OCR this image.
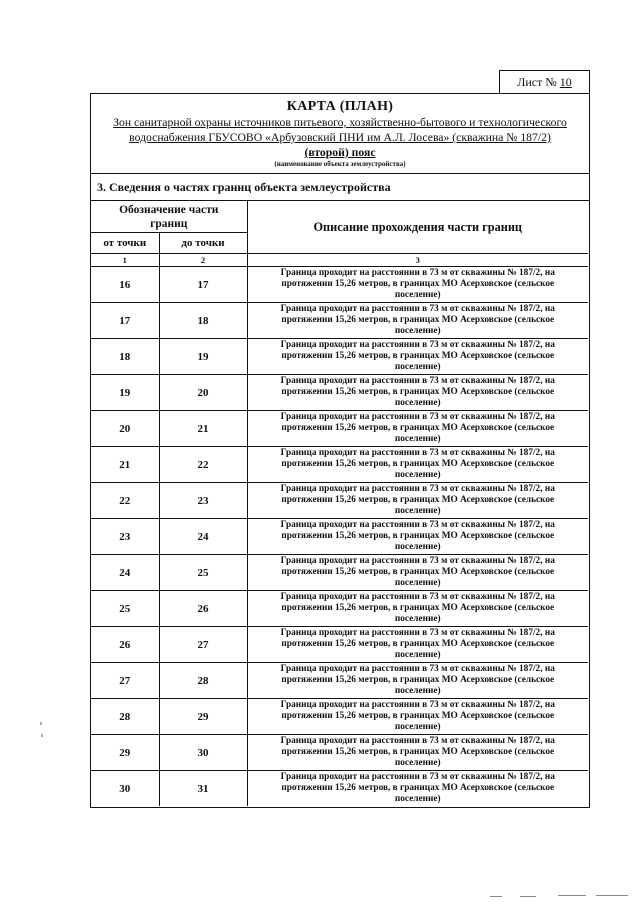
Лист № 10
КАРТА (ПЛАН)
Зон санитарной охраны источников питьевого, хозяйственно-бытового и технологического
водоснабжения ГБУСОВО «Арбузовский ПНИ им А.Л. Лосева» (скважина № 187/2)
(второй) пояс
(наименование объекта землеустройства)
3. Сведения о частях границ объекта землеустройства
Обозначение части
границ		Описание прохождения части границ
от точки	до точки	
1	2	3
16	17	Граница проходит на расстоянии в 73 м от скважины № 187/2, на
протяжении 15,26 метров, в границах МО Асерховское (сельское
поселение)

17	18	Граница проходит на расстоянии в 73 м от скважины № 187/2, на
протяжении 15,26 метров, в границах МО Асерховское (сельское
поселение)

18	19	Граница проходит на расстоянии в 73 м от скважины № 187/2, на
протяжении 15,26 метров, в границах МО Асерховское (сельское
поселение)

19	20	Граница проходит на расстоянии в 73 м от скважины № 187/2, на
протяжении 15,26 метров, в границах МО Асерховское (сельское
поселение)

20	21	Граница проходит на расстоянии в 73 м от скважины № 187/2, на
протяжении 15,26 метров, в границах МО Асерховское (сельское
поселение)

21	22	Граница проходит на расстоянии в 73 м от скважины № 187/2, на
протяжении 15,26 метров, в границах МО Асерховское (сельское
поселение)

22	23	Граница проходит на расстоянии в 73 м от скважины № 187/2, на
протяжении 15,26 метров, в границах МО Асерховское (сельское
поселение)

23	24	Граница проходит на расстоянии в 73 м от скважины № 187/2, на
протяжении 15,26 метров, в границах МО Асерховское (сельское
поселение)

24	25	Граница проходит на расстоянии в 73 м от скважины № 187/2, на
протяжении 15,26 метров, в границах МО Асерховское (сельское
поселение)

25	26	Граница проходит на расстоянии в 73 м от скважины № 187/2, на
протяжении 15,26 метров, в границах МО Асерховское (сельское
поселение)

26	27	Граница проходит на расстоянии в 73 м от скважины № 187/2, на
протяжении 15,26 метров, в границах МО Асерховское (сельское
поселение)

27	28	Граница проходит на расстоянии в 73 м от скважины № 187/2, на
протяжении 15,26 метров, в границах МО Асерховское (сельское
поселение)

28	29	Граница проходит на расстоянии в 73 м от скважины № 187/2, на
протяжении 15,26 метров, в границах МО Асерховское (сельское
поселение)

29	30	Граница проходит на расстоянии в 73 м от скважины № 187/2, на
протяжении 15,26 метров, в границах МО Асерховское (сельское
поселение)

30	31	Граница проходит на расстоянии в 73 м от скважины № 187/2, на
протяжении 15,26 метров, в границах МО Асерховское (сельское
поселение)
